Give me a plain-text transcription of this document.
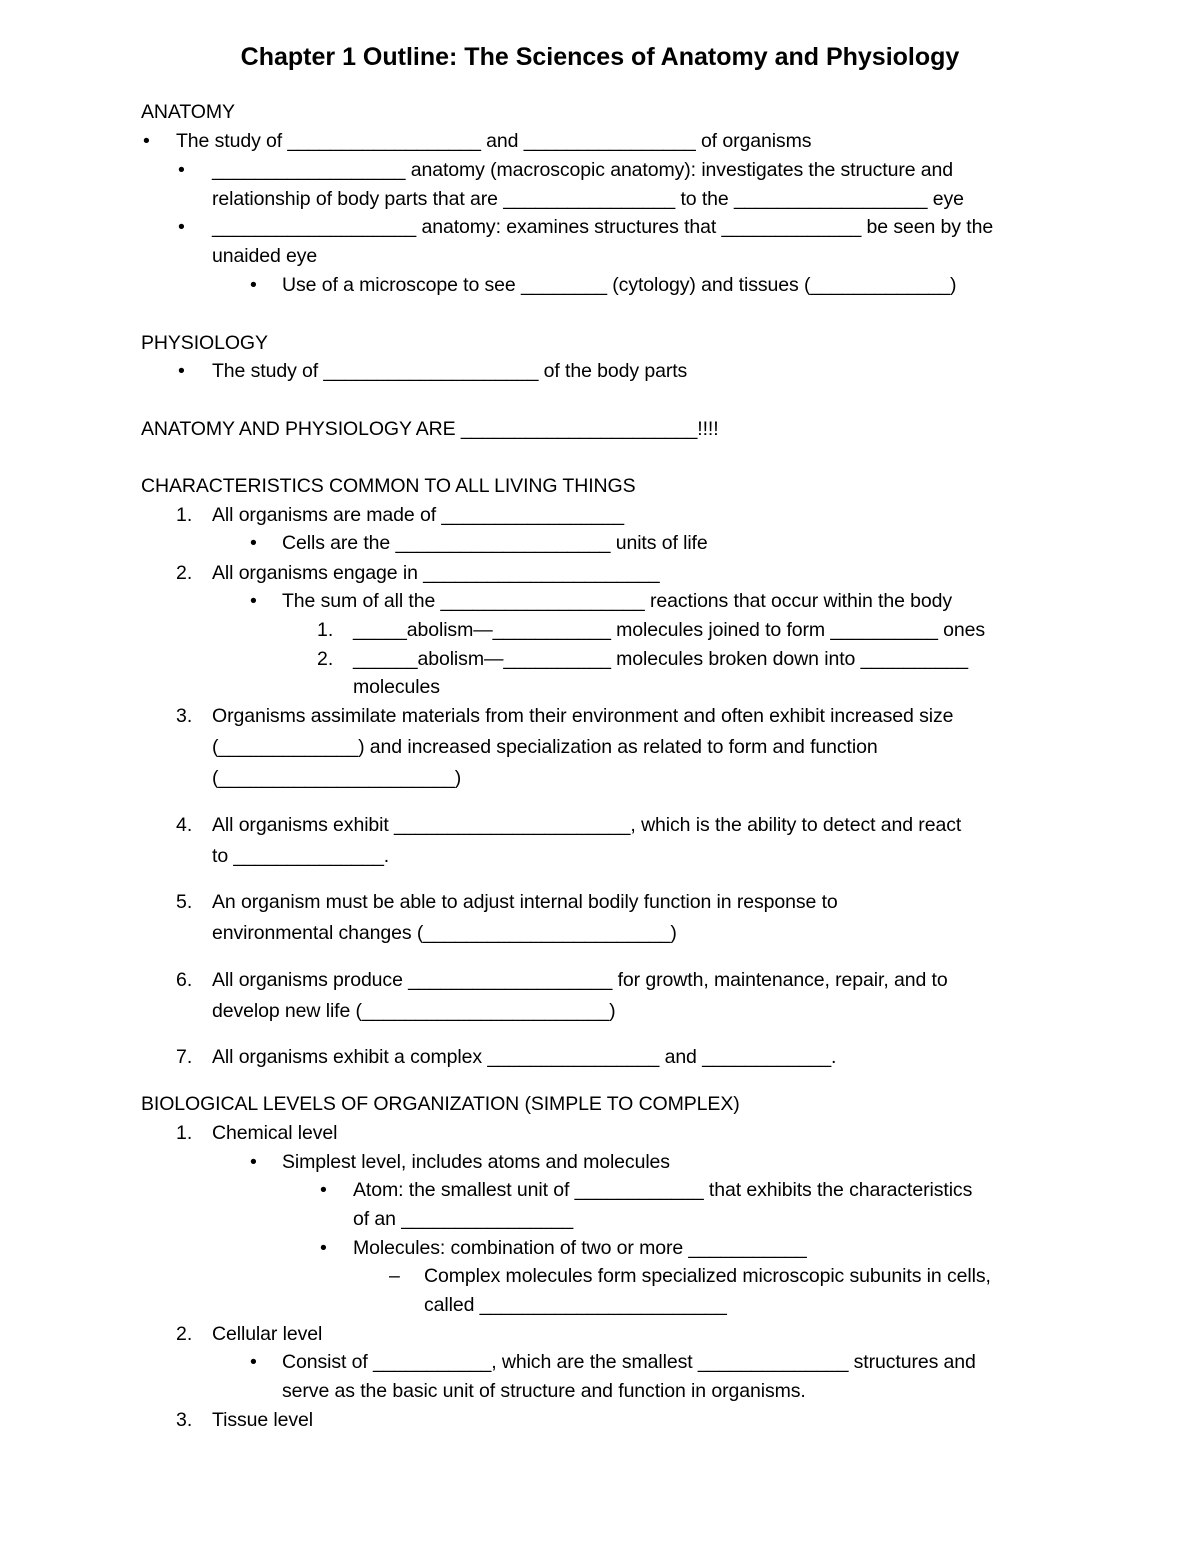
Chapter 1 Outline: The Sciences of Anatomy and Physiology
ANATOMY
• The study of __________________ and ________________ of organisms
• __________________ anatomy (macroscopic anatomy): investigates the structure and
relationship of body parts that are ________________ to the __________________ eye
• ___________________ anatomy: examines structures that _____________ be seen by the
unaided eye
• Use of a microscope to see ________ (cytology) and tissues (_____________)
PHYSIOLOGY
• The study of ____________________ of the body parts
ANATOMY AND PHYSIOLOGY ARE ______________________!!!!
CHARACTERISTICS COMMON TO ALL LIVING THINGS
1. All organisms are made of _________________
• Cells are the ____________________ units of life
2. All organisms engage in ______________________
• The sum of all the ___________________ reactions that occur within the body
1. _____abolism—___________ molecules joined to form __________ ones
2. ______abolism—__________ molecules broken down into __________
molecules
3. Organisms assimilate materials from their environment and often exhibit increased size
(_____________) and increased specialization as related to form and function
(______________________)
4. All organisms exhibit ______________________, which is the ability to detect and react
to ______________.
5. An organism must be able to adjust internal bodily function in response to
environmental changes (_______________________)
6. All organisms produce ___________________ for growth, maintenance, repair, and to
develop new life (_______________________)
7. All organisms exhibit a complex ________________ and ____________.
BIOLOGICAL LEVELS OF ORGANIZATION (SIMPLE TO COMPLEX)
1. Chemical level
• Simplest level, includes atoms and molecules
• Atom: the smallest unit of ____________ that exhibits the characteristics
of an ________________
• Molecules: combination of two or more ___________
– Complex molecules form specialized microscopic subunits in cells,
called _______________________
2. Cellular level
• Consist of ___________, which are the smallest ______________ structures and
serve as the basic unit of structure and function in organisms.
3. Tissue level
